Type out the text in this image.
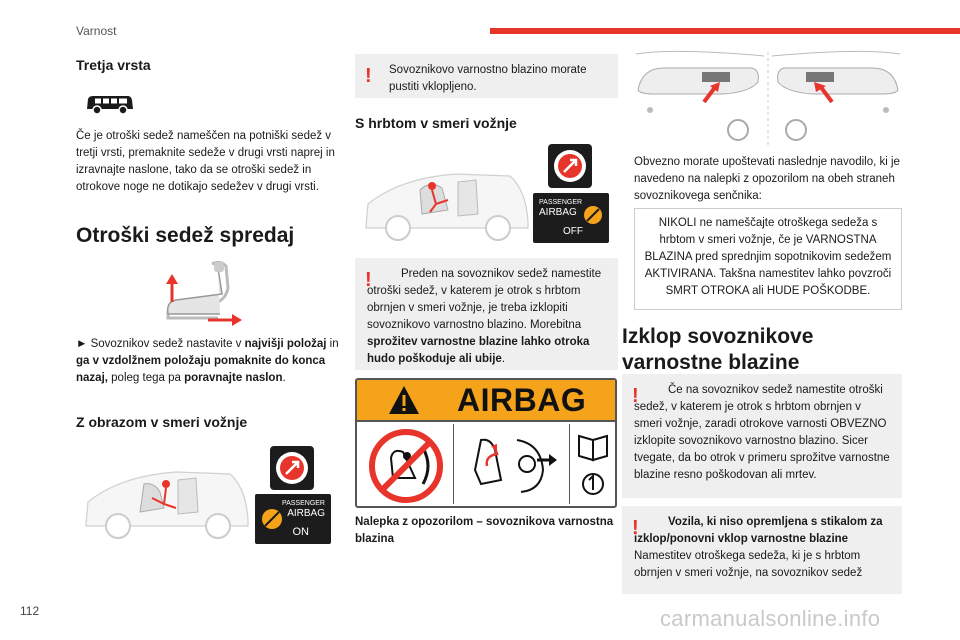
Varnost
Tretja vrsta
Če je otroški sedež nameščen na potniški sedež v tretji vrsti, premaknite sedeže v drugi vrsti naprej in izravnajte naslone, tako da se otroški sedež in otrokove noge ne dotikajo sedežev v drugi vrsti.
Otroški sedež spredaj
► Sovoznikov sedež nastavite v najvišji položaj in ga v vzdolžnem položaju pomaknite do konca nazaj, poleg tega pa poravnajte naslon.
Z obrazom v smeri vožnje
PASSENGER
AIRBAG
ON
!	Sovoznikovo varnostno blazino morate pustiti vklopljeno.
S hrbtom v smeri vožnje
PASSENGER
AIRBAG
OFF
!	Preden na sovoznikov sedež namestite otroški sedež, v katerem je otrok s hrbtom obrnjen v smeri vožnje, je treba izklopiti sovoznikovo varnostno blazino. Morebitna sprožitev varnostne blazine lahko otroka hudo poškoduje ali ubije.
AIRBAG
Nalepka z opozorilom – sovoznikova varnostna blazina
Obvezno morate upoštevati naslednje navodilo, ki je navedeno na nalepki z opozorilom na obeh straneh sovoznikovega senčnika:
NIKOLI ne nameščajte otroškega sedeža s hrbtom v smeri vožnje, če je VARNOSTNA BLAZINA pred sprednjim sopotnikovim sedežem AKTIVIRANA. Takšna namestitev lahko povzroči SMRT OTROKA ali HUDE POŠKODBE.
Izklop sovoznikove varnostne blazine
!	Če na sovoznikov sedež namestite otroški sedež, v katerem je otrok s hrbtom obrnjen v smeri vožnje, zaradi otrokove varnosti OBVEZNO izklopite sovoznikovo varnostno blazino. Sicer tvegate, da bo otrok v primeru sprožitve varnostne blazine resno poškodovan ali mrtev.
!	Vozila, ki niso opremljena s stikalom za izklop/ponovni vklop varnostne blazine
Namestitev otroškega sedeža, ki je s hrbtom obrnjen v smeri vožnje, na sovoznikov sedež
112	carmanualsonline.info
